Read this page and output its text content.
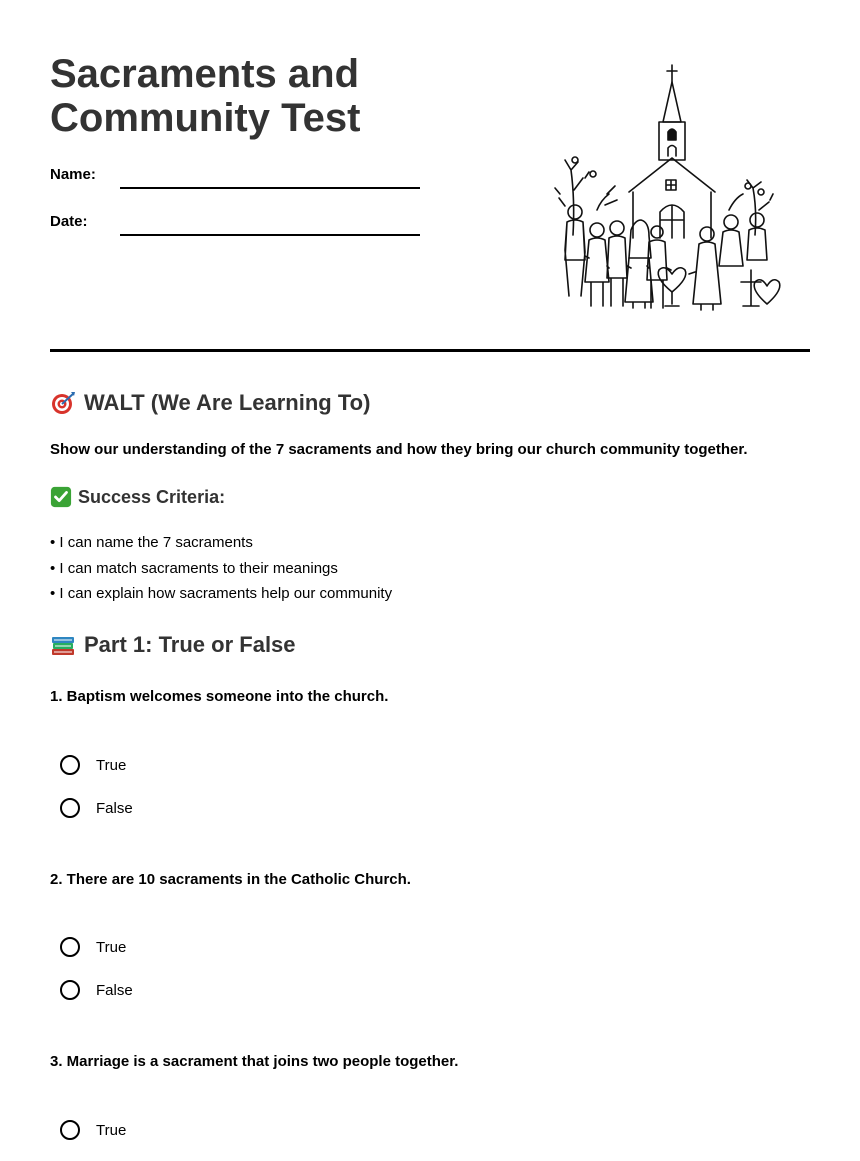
Sacraments and
Community Test
Name:
Date:
WALT (We Are Learning To)

Show our understanding of the 7 sacraments and how they bring our church community together.

Success Criteria:
• I can name the 7 sacraments
• I can match sacraments to their meanings
• I can explain how sacraments help our community
Part 1: True or False

1. Baptism welcomes someone into the church.

True
False

2. There are 10 sacraments in the Catholic Church.

True
False

3. Marriage is a sacrament that joins two people together.

True
